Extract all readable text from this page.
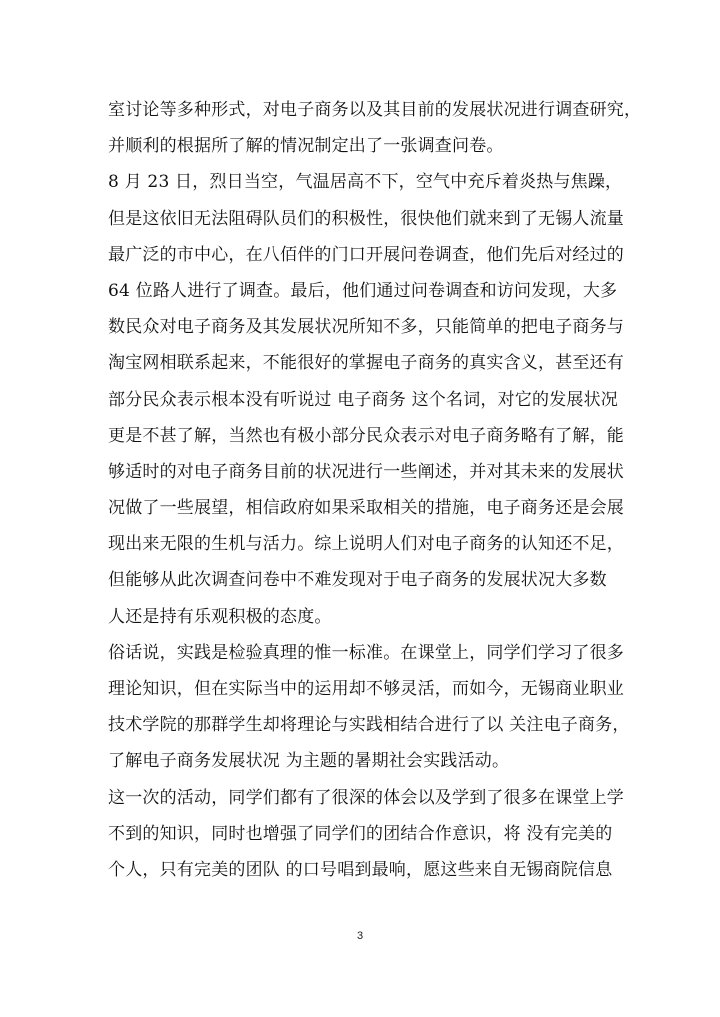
室讨论等多种形式，对电子商务以及其目前的发展状况进行调查研究，
并顺利的根据所了解的情况制定出了一张调查问卷。
8 月 23 日，烈日当空，气温居高不下，空气中充斥着炎热与焦躁，
但是这依旧无法阻碍队员们的积极性，很快他们就来到了无锡人流量
最广泛的市中心，在八佰伴的门口开展问卷调查，他们先后对经过的
64 位路人进行了调查。最后，他们通过问卷调查和访问发现，大多
数民众对电子商务及其发展状况所知不多，只能简单的把电子商务与
淘宝网相联系起来，不能很好的掌握电子商务的真实含义，甚至还有
部分民众表示根本没有听说过 电子商务 这个名词，对它的发展状况
更是不甚了解，当然也有极小部分民众表示对电子商务略有了解，能
够适时的对电子商务目前的状况进行一些阐述，并对其未来的发展状
况做了一些展望，相信政府如果采取相关的措施，电子商务还是会展
现出来无限的生机与活力。综上说明人们对电子商务的认知还不足，
但能够从此次调查问卷中不难发现对于电子商务的发展状况大多数
人还是持有乐观积极的态度。
俗话说，实践是检验真理的惟一标准。在课堂上，同学们学习了很多
理论知识，但在实际当中的运用却不够灵活，而如今，无锡商业职业
技术学院的那群学生却将理论与实践相结合进行了以 关注电子商务，
了解电子商务发展状况 为主题的暑期社会实践活动。
这一次的活动，同学们都有了很深的体会以及学到了很多在课堂上学
不到的知识，同时也增强了同学们的团结合作意识，将 没有完美的
个人，只有完美的团队 的口号唱到最响，愿这些来自无锡商院信息
3
